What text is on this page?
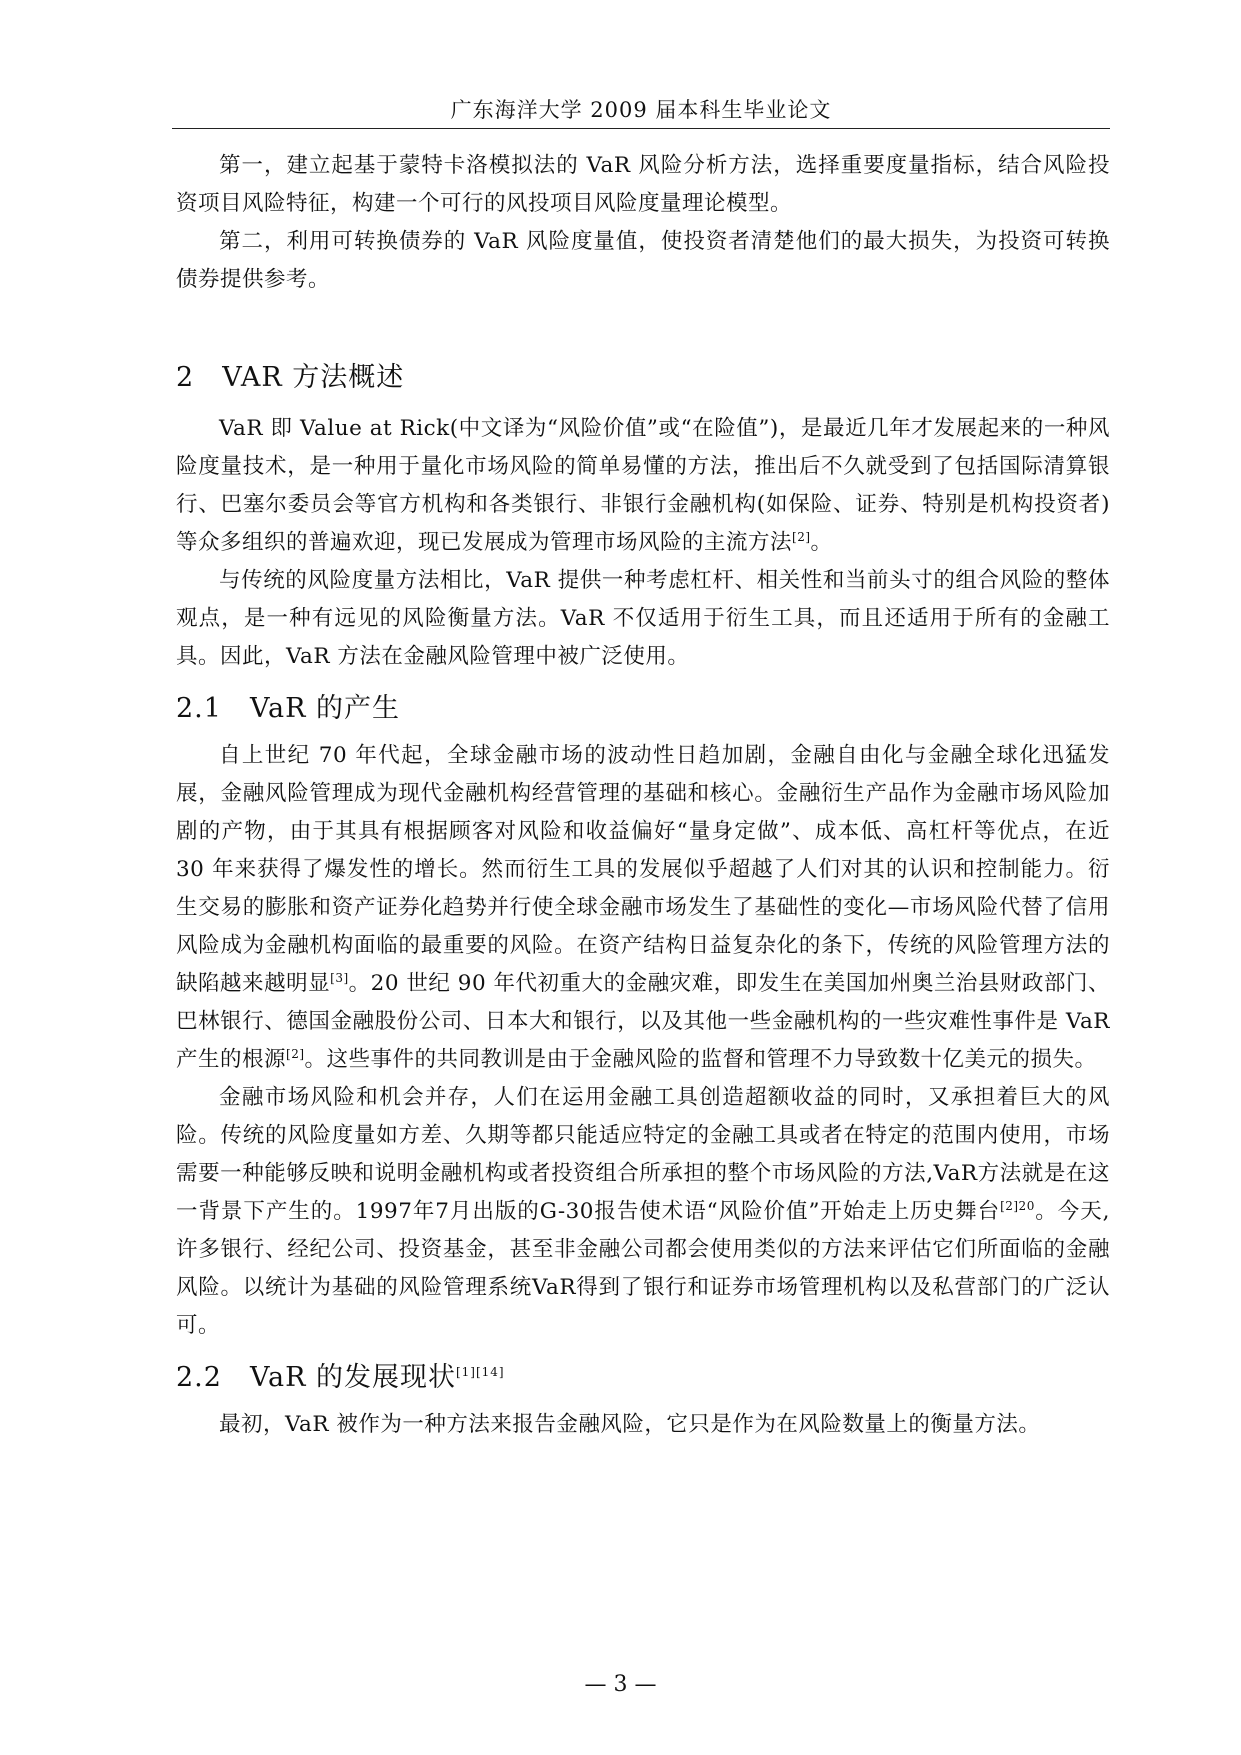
广东海洋大学 2009 届本科生毕业论文

第一，建立起基于蒙特卡洛模拟法的 VaR 风险分析方法，选择重要度量指标，结合风险投资项目风险特征，构建一个可行的风投项目风险度量理论模型。

第二，利用可转换债券的 VaR 风险度量值，使投资者清楚他们的最大损失，为投资可转换债券提供参考。

2 VAR 方法概述

VaR 即 Value at Rick(中文译为“风险价值”或“在险值”)，是最近几年才发展起来的一种风险度量技术，是一种用于量化市场风险的简单易懂的方法，推出后不久就受到了包括国际清算银行、巴塞尔委员会等官方机构和各类银行、非银行金融机构(如保险、证券、特别是机构投资者)等众多组织的普遍欢迎，现已发展成为管理市场风险的主流方法[2]。

与传统的风险度量方法相比，VaR 提供一种考虑杠杆、相关性和当前头寸的组合风险的整体观点，是一种有远见的风险衡量方法。VaR 不仅适用于衍生工具，而且还适用于所有的金融工具。因此，VaR 方法在金融风险管理中被广泛使用。

2.1 VaR 的产生

自上世纪 70 年代起，全球金融市场的波动性日趋加剧，金融自由化与金融全球化迅猛发展，金融风险管理成为现代金融机构经营管理的基础和核心。金融衍生产品作为金融市场风险加剧的产物，由于其具有根据顾客对风险和收益偏好“量身定做”、成本低、高杠杆等优点，在近 30 年来获得了爆发性的增长。然而衍生工具的发展似乎超越了人们对其的认识和控制能力。衍生交易的膨胀和资产证券化趋势并行使全球金融市场发生了基础性的变化—市场风险代替了信用风险成为金融机构面临的最重要的风险。在资产结构日益复杂化的条下，传统的风险管理方法的缺陷越来越明显[3]。20 世纪 90 年代初重大的金融灾难，即发生在美国加州奥兰治县财政部门、巴林银行、德国金融股份公司、日本大和银行，以及其他一些金融机构的一些灾难性事件是 VaR 产生的根源[2]。这些事件的共同教训是由于金融风险的监督和管理不力导致数十亿美元的损失。

金融市场风险和机会并存，人们在运用金融工具创造超额收益的同时，又承担着巨大的风险。传统的风险度量如方差、久期等都只能适应特定的金融工具或者在特定的范围内使用，市场需要一种能够反映和说明金融机构或者投资组合所承担的整个市场风险的方法,VaR方法就是在这一背景下产生的。1997年7月出版的G-30报告使术语“风险价值”开始走上历史舞台$^{[2]20}$。今天,许多银行、经纪公司、投资基金，甚至非金融公司都会使用类似的方法来评估它们所面临的金融风险。以统计为基础的风险管理系统VaR得到了银行和证券市场管理机构以及私营部门的广泛认可。

2.2 VaR 的发展现状[1][14]

最初，VaR 被作为一种方法来报告金融风险，它只是作为在风险数量上的衡量方法。

— 3 —
